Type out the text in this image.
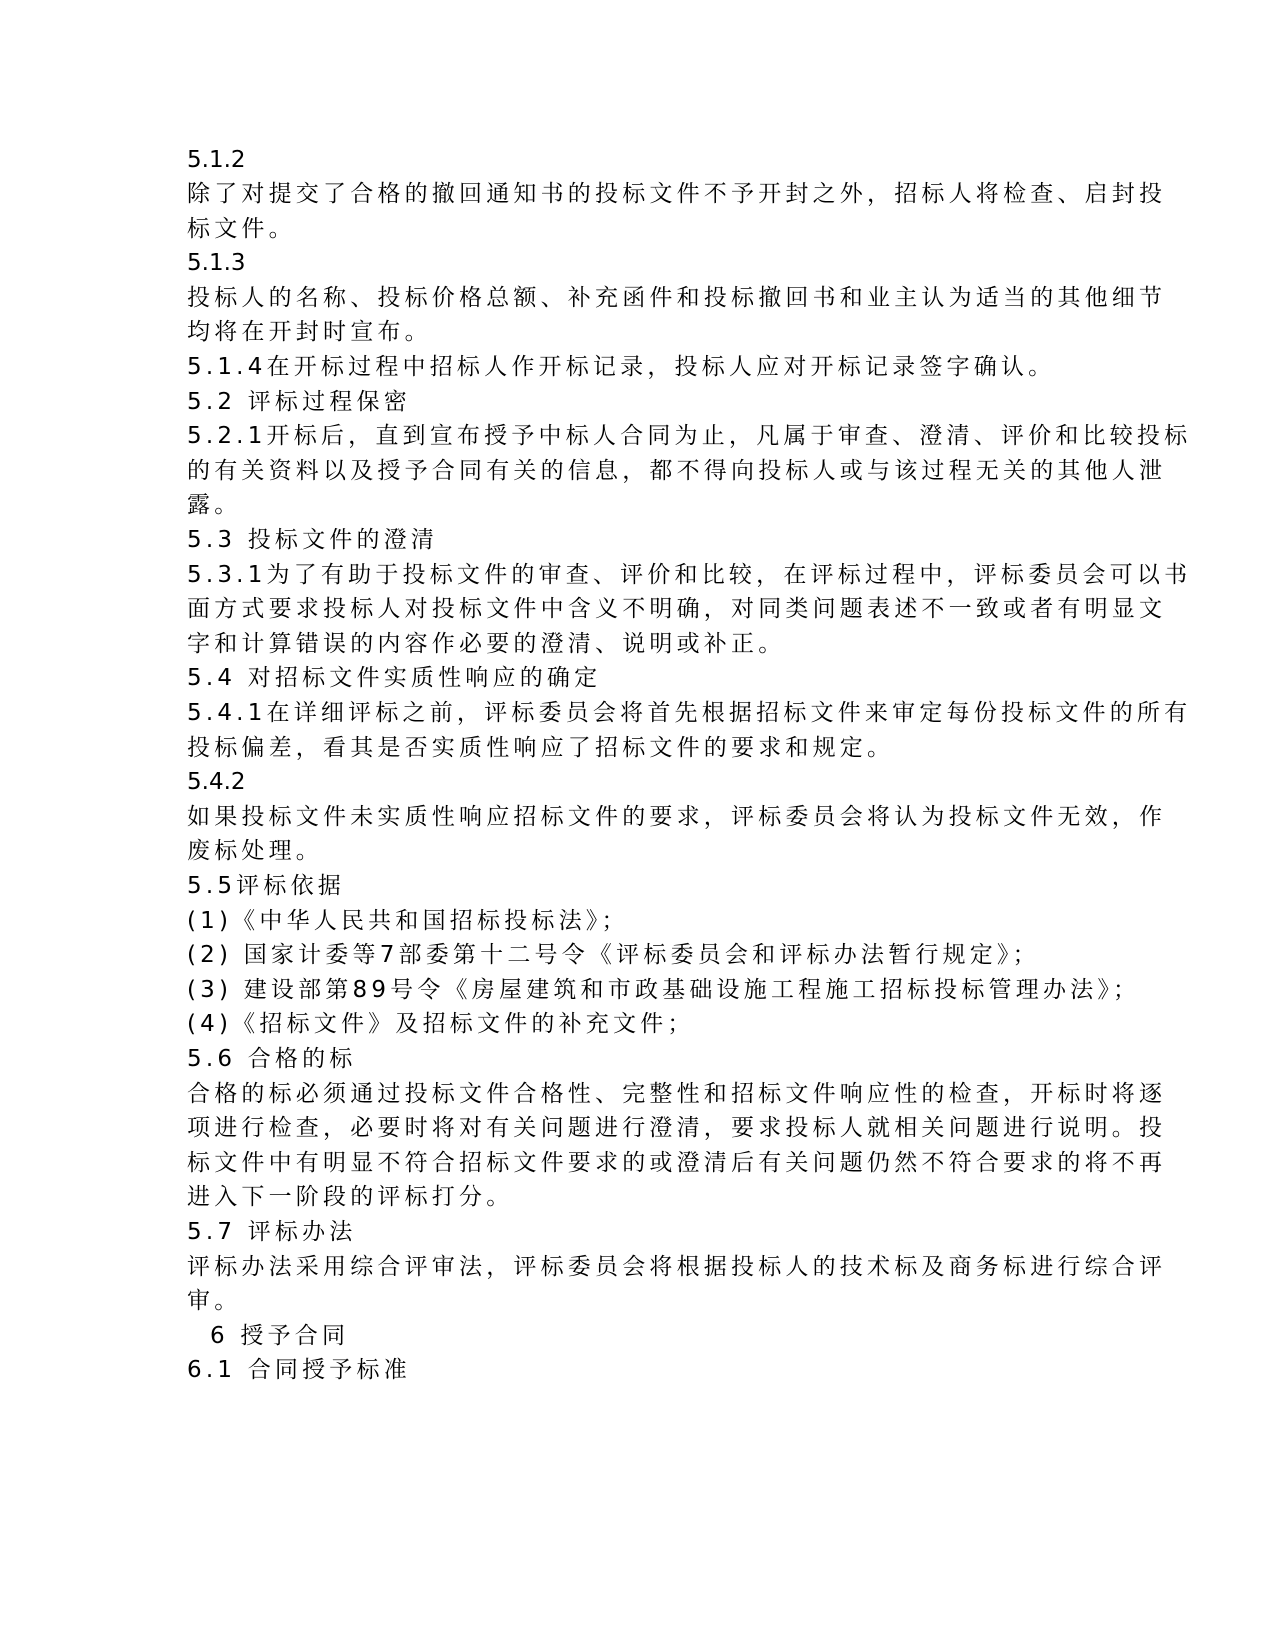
5.1.2
除了对提交了合格的撤回通知书的投标文件不予开封之外，招标人将检查、启封投
标文件。
5.1.3
投标人的名称、投标价格总额、补充函件和投标撤回书和业主认为适当的其他细节
均将在开封时宣布。
5.1.4在开标过程中招标人作开标记录，投标人应对开标记录签字确认。
5.2 评标过程保密
5.2.1开标后，直到宣布授予中标人合同为止，凡属于审查、澄清、评价和比较投标
的有关资料以及授予合同有关的信息，都不得向投标人或与该过程无关的其他人泄
露。
5.3 投标文件的澄清
5.3.1为了有助于投标文件的审查、评价和比较，在评标过程中，评标委员会可以书
面方式要求投标人对投标文件中含义不明确，对同类问题表述不一致或者有明显文
字和计算错误的内容作必要的澄清、说明或补正。
5.4 对招标文件实质性响应的确定
5.4.1在详细评标之前，评标委员会将首先根据招标文件来审定每份投标文件的所有
投标偏差，看其是否实质性响应了招标文件的要求和规定。
5.4.2
如果投标文件未实质性响应招标文件的要求，评标委员会将认为投标文件无效，作
废标处理。
5.5评标依据
(1)《中华人民共和国招标投标法》；
(2) 国家计委等7部委第十二号令《评标委员会和评标办法暂行规定》；
(3) 建设部第89号令《房屋建筑和市政基础设施工程施工招标投标管理办法》；
(4)《招标文件》及招标文件的补充文件；
5.6 合格的标
合格的标必须通过投标文件合格性、完整性和招标文件响应性的检查，开标时将逐
项进行检查，必要时将对有关问题进行澄清，要求投标人就相关问题进行说明。投
标文件中有明显不符合招标文件要求的或澄清后有关问题仍然不符合要求的将不再
进入下一阶段的评标打分。
5.7 评标办法
评标办法采用综合评审法，评标委员会将根据投标人的技术标及商务标进行综合评
审。
6 授予合同
6.1 合同授予标准
